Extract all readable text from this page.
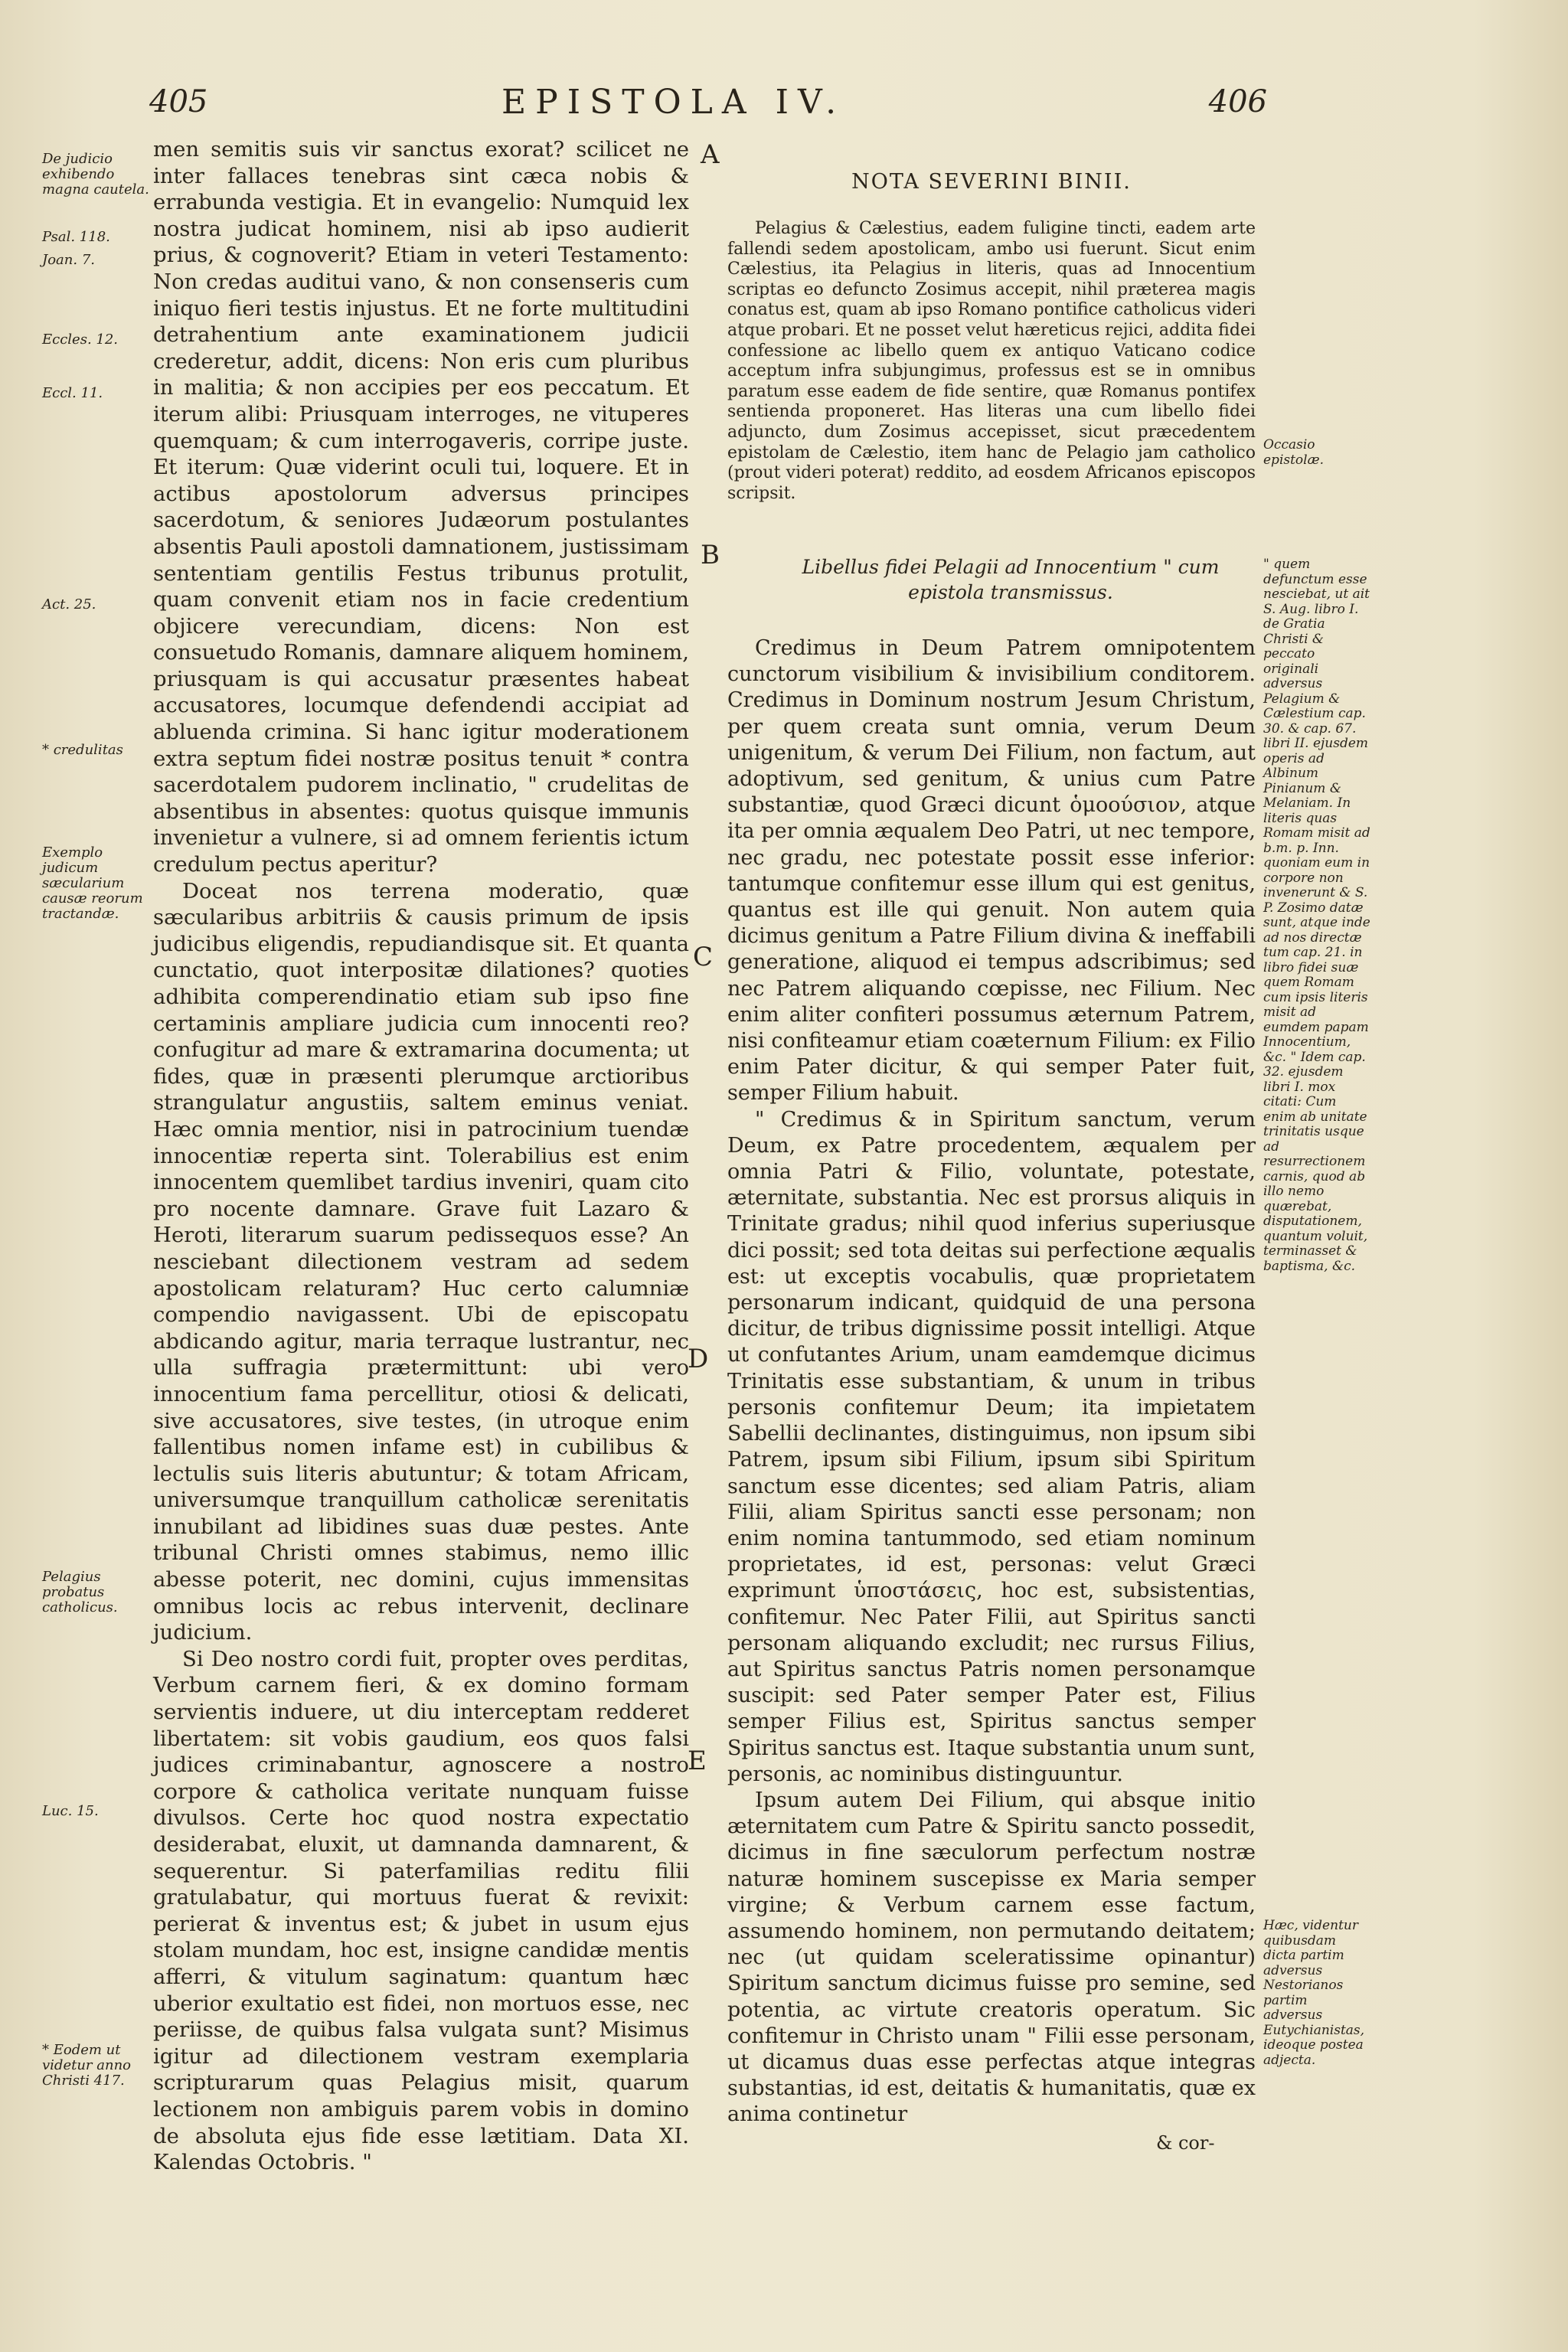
405	EPISTOLA IV.	406
De judicio exhibendo magna cautela.
Psal. 118.
Joan. 7.
Eccles. 12.
Eccl. 11.
Act. 25.
* credulitas
Exemplo judicum sæcularium causæ reorum tractandæ.
Pelagius probatus catholicus.
Luc. 15.
* Eodem ut videtur anno Christi 417.

men semitis suis vir sanctus exorat? scilicet ne inter fallaces tenebras sint cæca nobis & errabunda vestigia. Et in evangelio: Numquid lex nostra judicat hominem, nisi ab ipso audierit prius, & cognoverit? Etiam in veteri Testamento: Non credas auditui vano, & non consenseris cum iniquo fieri testis injustus. Et ne forte multitudini detrahentium ante examinationem judicii crederetur, addit, dicens: Non eris cum pluribus in malitia; & non accipies per eos peccatum. Et iterum alibi: Priusquam interroges, ne vituperes quemquam; & cum interrogaveris, corripe juste. Et iterum: Quæ viderint oculi tui, loquere. Et in actibus apostolorum adversus principes sacerdotum, & seniores Judæorum postulantes absentis Pauli apostoli damnationem, justissimam sententiam gentilis Festus tribunus protulit, quam convenit etiam nos in facie credentium objicere verecundiam, dicens: Non est consuetudo Romanis, damnare aliquem hominem, priusquam is qui accusatur præsentes habeat accusatores, locumque defendendi accipiat ad abluenda crimina. Si hanc igitur moderationem extra septum fidei nostræ positus tenuit * contra sacerdotalem pudorem inclinatio, " crudelitas de absentibus in absentes: quotus quisque immunis invenietur a vulnere, si ad omnem ferientis ictum credulum pectus aperitur?

Doceat nos terrena moderatio, quæ sæcularibus arbitriis & causis primum de ipsis judicibus eligendis, repudiandisque sit. Et quanta cunctatio, quot interpositæ dilationes? quoties adhibita comperendinatio etiam sub ipso fine certaminis ampliare judicia cum innocenti reo? confugitur ad mare & extramarina documenta; ut fides, quæ in præsenti plerumque arctioribus strangulatur angustiis, saltem eminus veniat. Hæc omnia mentior, nisi in patrocinium tuendæ innocentiæ reperta sint. Tolerabilius est enim innocentem quemlibet tardius inveniri, quam cito pro nocente damnare. Grave fuit Lazaro & Heroti, literarum suarum pedissequos esse? An nesciebant dilectionem vestram ad sedem apostolicam relaturam? Huc certo calumniæ compendio navigassent. Ubi de episcopatu abdicando agitur, maria terraque lustrantur, nec ulla suffragia prætermittunt: ubi vero innocentium fama percellitur, otiosi & delicati, sive accusatores, sive testes, (in utroque enim fallentibus nomen infame est) in cubilibus & lectulis suis literis abutuntur; & totam Africam, universumque tranquillum catholicæ serenitatis innubilant ad libidines suas duæ pestes. Ante tribunal Christi omnes stabimus, nemo illic abesse poterit, nec domini, cujus immensitas omnibus locis ac rebus intervenit, declinare judicium.

Si Deo nostro cordi fuit, propter oves perditas, Verbum carnem fieri, & ex domino formam servientis induere, ut diu interceptam redderet libertatem: sit vobis gaudium, eos quos falsi judices criminabantur, agnoscere a nostro corpore & catholica veritate nunquam fuisse divulsos. Certe hoc quod nostra expectatio desiderabat, eluxit, ut damnanda damnarent, & sequerentur. Si paterfamilias reditu filii gratulabatur, qui mortuus fuerat & revixit: perierat & inventus est; & jubet in usum ejus stolam mundam, hoc est, insigne candidæ mentis afferri, & vitulum saginatum: quantum hæc uberior exultatio est fidei, non mortuos esse, nec periisse, de quibus falsa vulgata sunt? Misimus igitur ad dilectionem vestram exemplaria scripturarum quas Pelagius misit, quarum lectionem non ambiguis parem vobis in domino de absoluta ejus fide esse lætitiam. Data XI. Kalendas Octobris. "

A
B
C
D
E
NOTA SEVERINI BINII.

Pelagius & Cælestius, eadem fuligine tincti, eadem arte fallendi sedem apostolicam, ambo usi fuerunt. Sicut enim Cælestius, ita Pelagius in literis, quas ad Innocentium scriptas eo defuncto Zosimus accepit, nihil præterea magis conatus est, quam ab ipso Romano pontifice catholicus videri atque probari. Et ne posset velut hæreticus rejici, addita fidei confessione ac libello quem ex antiquo Vaticano codice acceptum infra subjungimus, professus est se in omnibus paratum esse eadem de fide sentire, quæ Romanus pontifex sentienda proponeret. Has literas una cum libello fidei adjuncto, dum Zosimus accepisset, sicut præcedentem epistolam de Cælestio, item hanc de Pelagio jam catholico (prout videri poterat) reddito, ad eosdem Africanos episcopos scripsit.

Libellus fidei Pelagii ad Innocentium " cum epistola transmissus.

Credimus in Deum Patrem omnipotentem cunctorum visibilium & invisibilium conditorem. Credimus in Dominum nostrum Jesum Christum, per quem creata sunt omnia, verum Deum unigenitum, & verum Dei Filium, non factum, aut adoptivum, sed genitum, & unius cum Patre substantiæ, quod Græci dicunt ὁμοούσιον, atque ita per omnia æqualem Deo Patri, ut nec tempore, nec gradu, nec potestate possit esse inferior: tantumque confitemur esse illum qui est genitus, quantus est ille qui genuit. Non autem quia dicimus genitum a Patre Filium divina & ineffabili generatione, aliquod ei tempus adscribimus; sed nec Patrem aliquando cœpisse, nec Filium. Nec enim aliter confiteri possumus æternum Patrem, nisi confiteamur etiam coæternum Filium: ex Filio enim Pater dicitur, & qui semper Pater fuit, semper Filium habuit.

" Credimus & in Spiritum sanctum, verum Deum, ex Patre procedentem, æqualem per omnia Patri & Filio, voluntate, potestate, æternitate, substantia. Nec est prorsus aliquis in Trinitate gradus; nihil quod inferius superiusque dici possit; sed tota deitas sui perfectione æqualis est: ut exceptis vocabulis, quæ proprietatem personarum indicant, quidquid de una persona dicitur, de tribus dignissime possit intelligi. Atque ut confutantes Arium, unam eamdemque dicimus Trinitatis esse substantiam, & unum in tribus personis confitemur Deum; ita impietatem Sabellii declinantes, distinguimus, non ipsum sibi Patrem, ipsum sibi Filium, ipsum sibi Spiritum sanctum esse dicentes; sed aliam Patris, aliam Filii, aliam Spiritus sancti esse personam; non enim nomina tantummodo, sed etiam nominum proprietates, id est, personas: velut Græci exprimunt ὑποστάσεις, hoc est, subsistentias, confitemur. Nec Pater Filii, aut Spiritus sancti personam aliquando excludit; nec rursus Filius, aut Spiritus sanctus Patris nomen personamque suscipit: sed Pater semper Pater est, Filius semper Filius est, Spiritus sanctus semper Spiritus sanctus est. Itaque substantia unum sunt, personis, ac nominibus distinguuntur.

Ipsum autem Dei Filium, qui absque initio æternitatem cum Patre & Spiritu sancto possedit, dicimus in fine sæculorum perfectum nostræ naturæ hominem suscepisse ex Maria semper virgine; & Verbum carnem esse factum, assumendo hominem, non permutando deitatem; nec (ut quidam sceleratissime opinantur) Spiritum sanctum dicimus fuisse pro semine, sed potentia, ac virtute creatoris operatum. Sic confitemur in Christo unam " Filii esse personam, ut dicamus duas esse perfectas atque integras substantias, id est, deitatis & humanitatis, quæ ex anima continetur

& cor-
Occasio epistolæ.
" quem defunctum esse nesciebat, ut ait S. Aug. libro I. de Gratia Christi & peccato originali adversus Pelagium & Cælestium cap. 30. & cap. 67. libri II. ejusdem operis ad Albinum Pinianum & Melaniam. In literis quas Romam misit ad b.m. p. Inn. quoniam eum in corpore non invenerunt & S. P. Zosimo datæ sunt, atque inde ad nos directæ tum cap. 21. in libro fidei suæ quem Romam cum ipsis literis misit ad eumdem papam Innocentium, &c. " Idem cap. 32. ejusdem libri I. mox citati: Cum enim ab unitate trinitatis usque ad resurrectionem carnis, quod ab illo nemo quærebat, disputationem, quantum voluit, terminasset & baptisma, &c.
Hæc, videntur quibusdam dicta partim adversus Nestorianos partim adversus Eutychianistas, ideoque postea adjecta.
